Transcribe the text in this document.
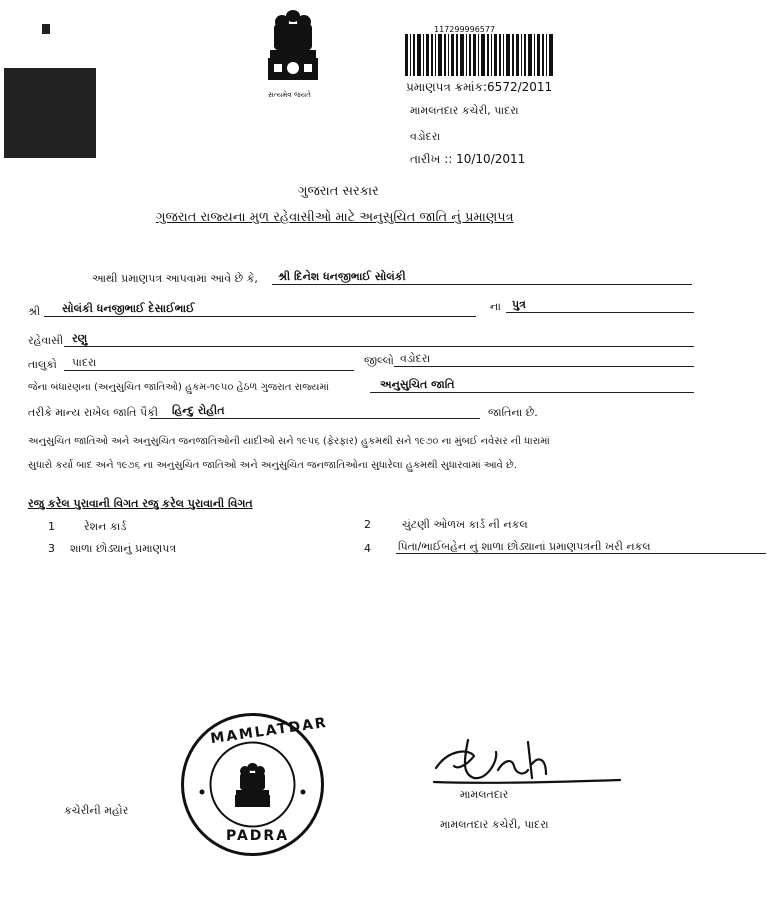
સત્યમેવ જયતે
117299996577
પ્રમાણપત્ર ક્રમાંક:6572/2011
મામલતદાર કચેરી, પાદરા
વડોદરા
તારીખ :: 10/10/2011
ગુજરાત સરકાર
ગુજરાત રાજ્યના મુળ રહેવાસીઓ માટે અનુસુચિત જાતિ નું પ્રમાણપત્ર
આથી પ્રમાણપત્ર આપવામાં આવે છે કે, શ્રી દિનેશ ધનજીભાઈ સોલંકી
શ્રી સોલંકી ધનજીભાઈ દેસાઈભાઈ	ના પુત્ર
રહેવાસી રણુ
તાલુકો પાદરા	જીલ્લો વડોદરા
જેના બંધારણના (અનુસુચિત જાતિઓ) હુકમ-૧૯૫૦ હેઠળ ગુજરાત રાજ્યમાં	અનુસુચિત જાતિ
તરીકે માન્ય રાખેલ જાતિ પૈકી હિન્દુ રોહીત	જાતિના છે.
અનુસુચિત જાતિઓ અને અનુસુચિત જનજાતિઓની યાદીઓ સને ૧૯૫૬ (ફેરફાર) હુકમથી સને ૧૯૭૦ ના મુંબઈ નવેસર ની ધારામાં
સુધારો કર્યા બાદ અને ૧૯૭૬ ના અનુસુચિત જાતિઓ અને અનુસુચિત જનજાતિઓના સુધારેલા હુકમથી સુધારવામાં આવે છે.
રજુ કરેલ પુરાવાની વિગત રજુ કરેલ પુરાવાની વિગત
1	રેશન કાર્ડ	2	ચુંટણી ઓળખ કાર્ડ ની નકલ
3 શાળા છોડ્યાનું પ્રમાણપત્ર	4 પિતા/ભાઈબહેન નું શાળા છોડ્યાનાં પ્રમાણપત્રની ખરી નકલ
MAMLATDAR
PADRA
કચેરીની મહોર
મામલતદાર
મામલતદાર કચેરી, પાદરા
